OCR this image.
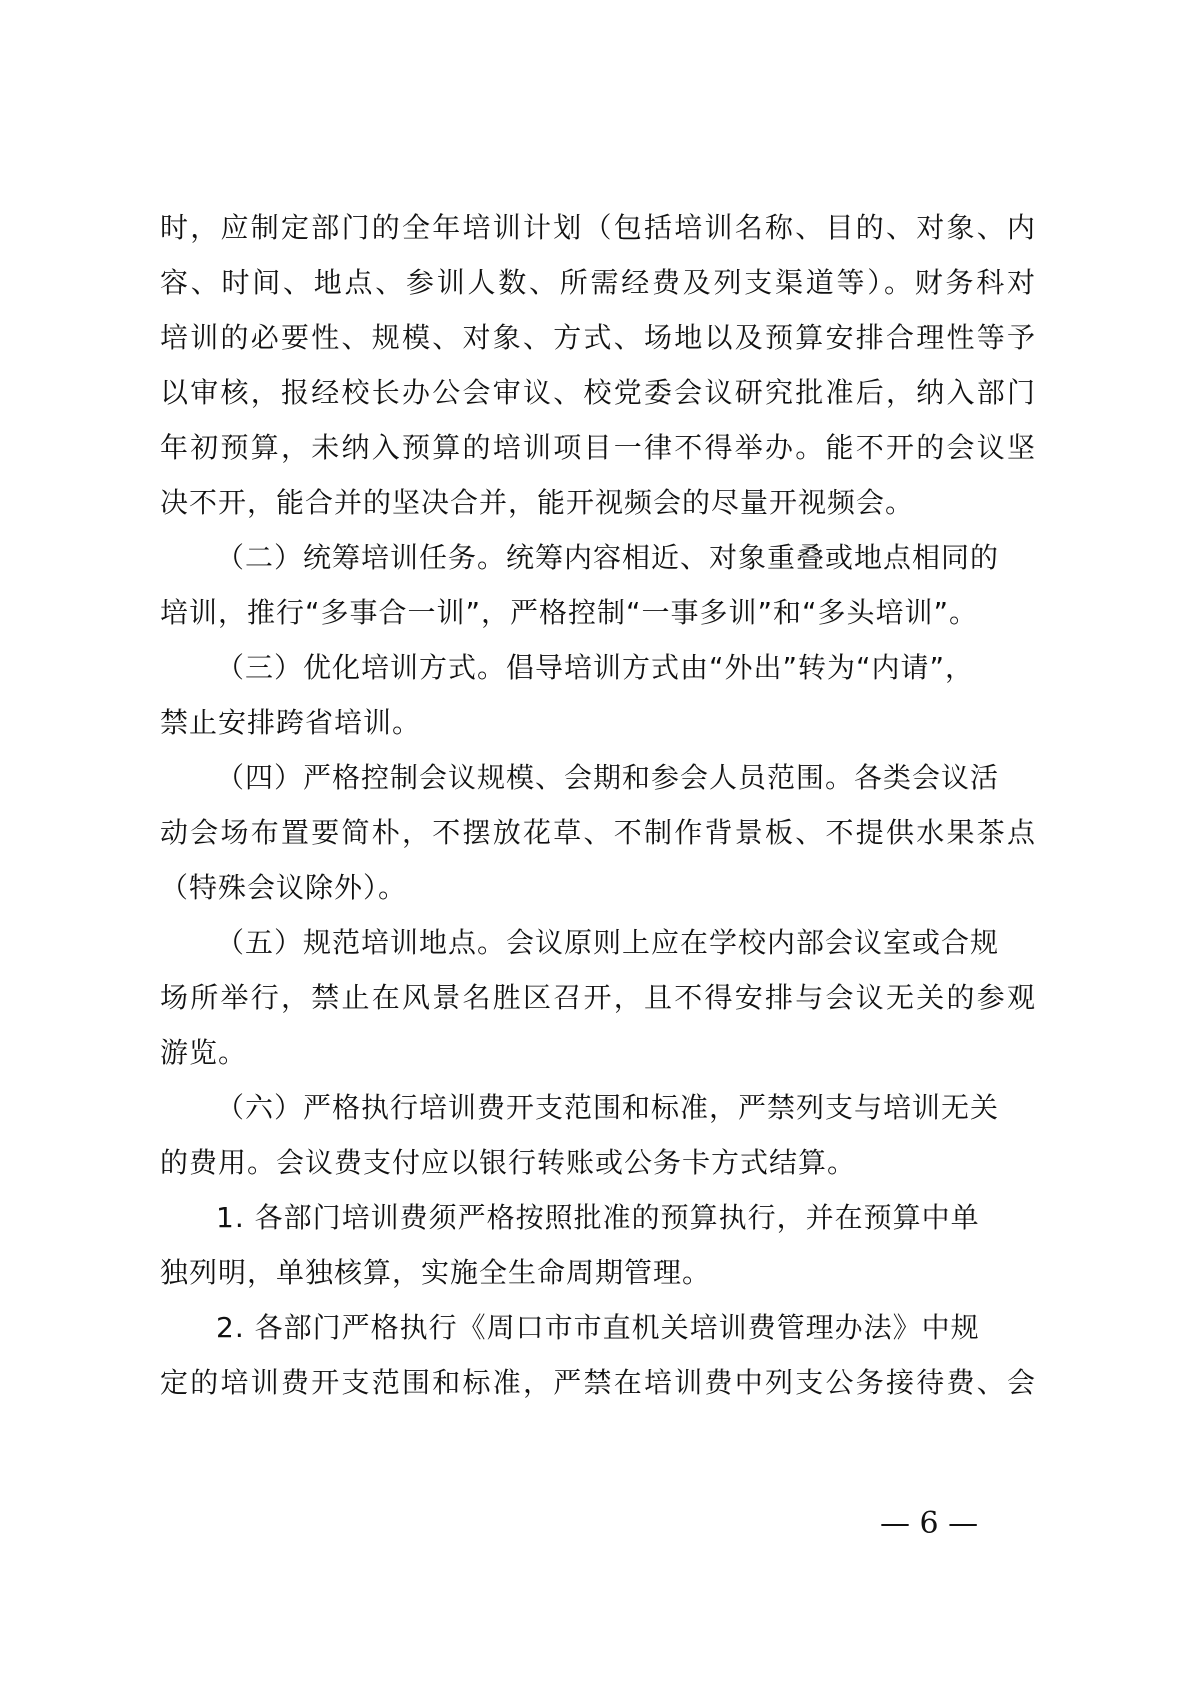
时，应制定部门的全年培训计划（包括培训名称、目的、对象、内
容、时间、地点、参训人数、所需经费及列支渠道等）。财务科对
培训的必要性、规模、对象、方式、场地以及预算安排合理性等予
以审核，报经校长办公会审议、校党委会议研究批准后，纳入部门
年初预算，未纳入预算的培训项目一律不得举办。能不开的会议坚
决不开，能合并的坚决合并，能开视频会的尽量开视频会。
（二）统筹培训任务。统筹内容相近、对象重叠或地点相同的
培训，推行“多事合一训”，严格控制“一事多训”和“多头培训”。
（三）优化培训方式。倡导培训方式由“外出”转为“内请”，
禁止安排跨省培训。
（四）严格控制会议规模、会期和参会人员范围。各类会议活
动会场布置要简朴，不摆放花草、不制作背景板、不提供水果茶点
（特殊会议除外）。
（五）规范培训地点。会议原则上应在学校内部会议室或合规
场所举行，禁止在风景名胜区召开，且不得安排与会议无关的参观
游览。
（六）严格执行培训费开支范围和标准，严禁列支与培训无关
的费用。会议费支付应以银行转账或公务卡方式结算。
1. 各部门培训费须严格按照批准的预算执行，并在预算中单
独列明，单独核算，实施全生命周期管理。
2. 各部门严格执行《周口市市直机关培训费管理办法》中规
定的培训费开支范围和标准，严禁在培训费中列支公务接待费、会
— 6 —
